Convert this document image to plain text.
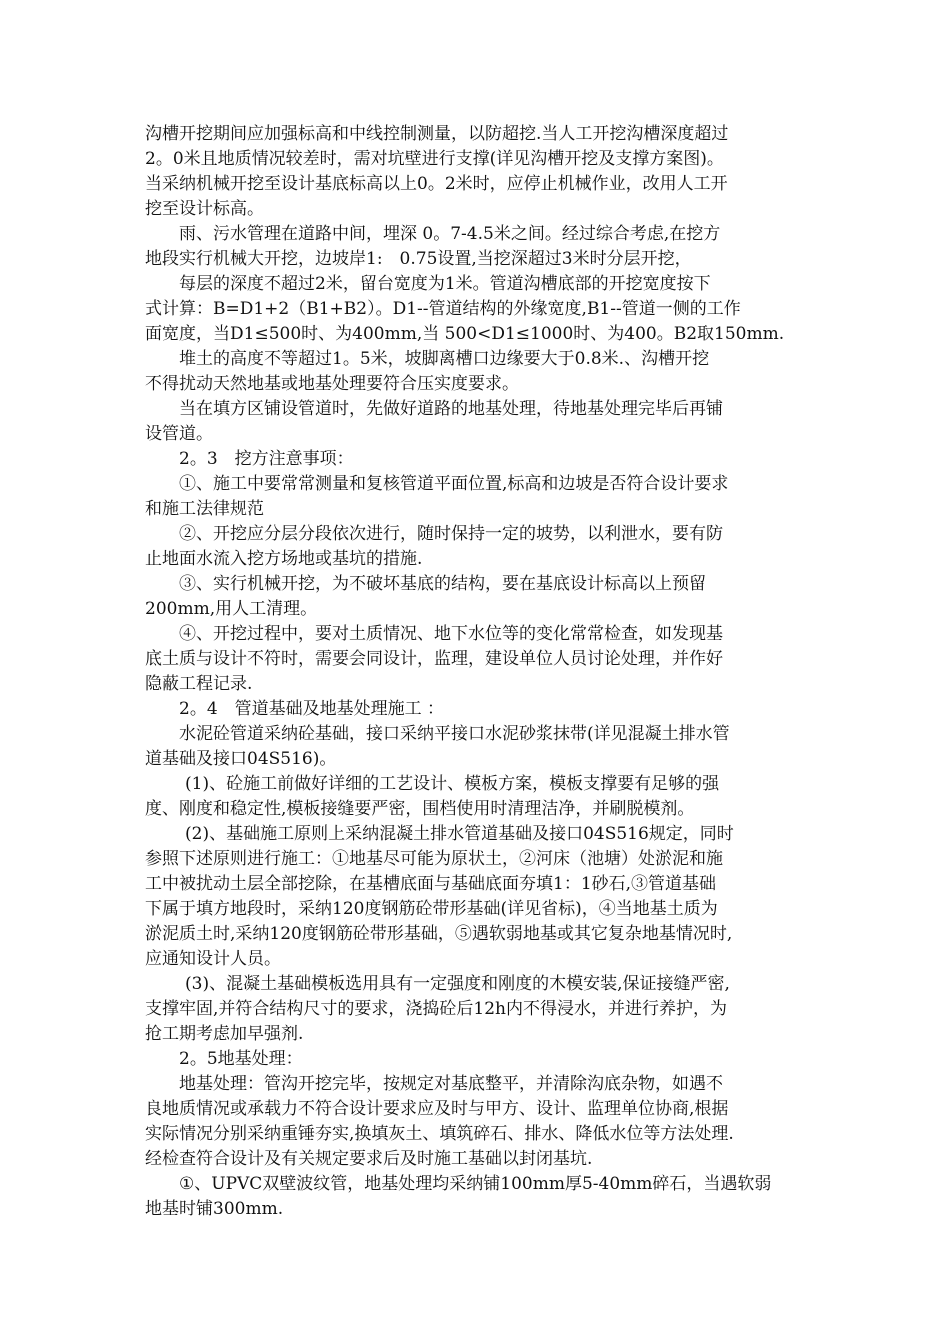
沟槽开挖期间应加强标高和中线控制测量，以防超挖.当人工开挖沟槽深度超过
2。0米且地质情况较差时，需对坑壁进行支撑(详见沟槽开挖及支撑方案图)。
当采纳机械开挖至设计基底标高以上0。2米时，应停止机械作业，改用人工开
挖至设计标高。
雨、污水管理在道路中间，埋深 0。7-4.5米之间。经过综合考虑,在挖方
地段实行机械大开挖，边坡岸1:　0.75设置,当挖深超过3米时分层开挖，
每层的深度不超过2米，留台宽度为1米。管道沟槽底部的开挖宽度按下
式计算：B=D1+2（B1+B2）。D1--管道结构的外缘宽度,B1--管道一侧的工作
面宽度，当D1≤500时、为400mm,当 500<D1≤1000时、为400。B2取150mm.
堆土的高度不等超过1。5米，坡脚离槽口边缘要大于0.8米.、沟槽开挖
不得扰动天然地基或地基处理要符合压实度要求。
当在填方区铺设管道时，先做好道路的地基处理，待地基处理完毕后再铺
设管道。
2。3　挖方注意事项：
①、施工中要常常测量和复核管道平面位置,标高和边坡是否符合设计要求
和施工法律规范
②、开挖应分层分段依次进行，随时保持一定的坡势，以利泄水，要有防
止地面水流入挖方场地或基坑的措施.
③、实行机械开挖，为不破坏基底的结构，要在基底设计标高以上预留
200mm,用人工清理。
④、开挖过程中，要对土质情况、地下水位等的变化常常检查，如发现基
底土质与设计不符时，需要会同设计，监理，建设单位人员讨论处理，并作好
隐蔽工程记录.
2。4　管道基础及地基处理施工 ：
水泥砼管道采纳砼基础，接口采纳平接口水泥砂浆抹带(详见混凝土排水管
道基础及接口04S516)。
(1)、砼施工前做好详细的工艺设计、模板方案，模板支撑要有足够的强
度、刚度和稳定性,模板接缝要严密，围档使用时清理洁净，并刷脱模剂。
(2)、基础施工原则上采纳混凝土排水管道基础及接口04S516规定，同时
参照下述原则进行施工：①地基尽可能为原状土，②河床（池塘）处淤泥和施
工中被扰动土层全部挖除，在基槽底面与基础底面夯填1：1砂石,③管道基础
下属于填方地段时，采纳120度钢筋砼带形基础(详见省标)，④当地基土质为
淤泥质土时,采纳120度钢筋砼带形基础，⑤遇软弱地基或其它复杂地基情况时,
应通知设计人员。
(3)、混凝土基础模板选用具有一定强度和刚度的木模安装,保证接缝严密,
支撑牢固,并符合结构尺寸的要求，浇捣砼后12h内不得浸水，并进行养护，为
抢工期考虑加早强剂.
2。5地基处理：
地基处理：管沟开挖完毕，按规定对基底整平，并清除沟底杂物，如遇不
良地质情况或承载力不符合设计要求应及时与甲方、设计、监理单位协商,根据
实际情况分别采纳重锤夯实,换填灰土、填筑碎石、排水、降低水位等方法处理.
经检查符合设计及有关规定要求后及时施工基础以封闭基坑.
①、UPVC双壁波纹管，地基处理均采纳铺100mm厚5-40mm碎石，当遇软弱
地基时铺300mm.
